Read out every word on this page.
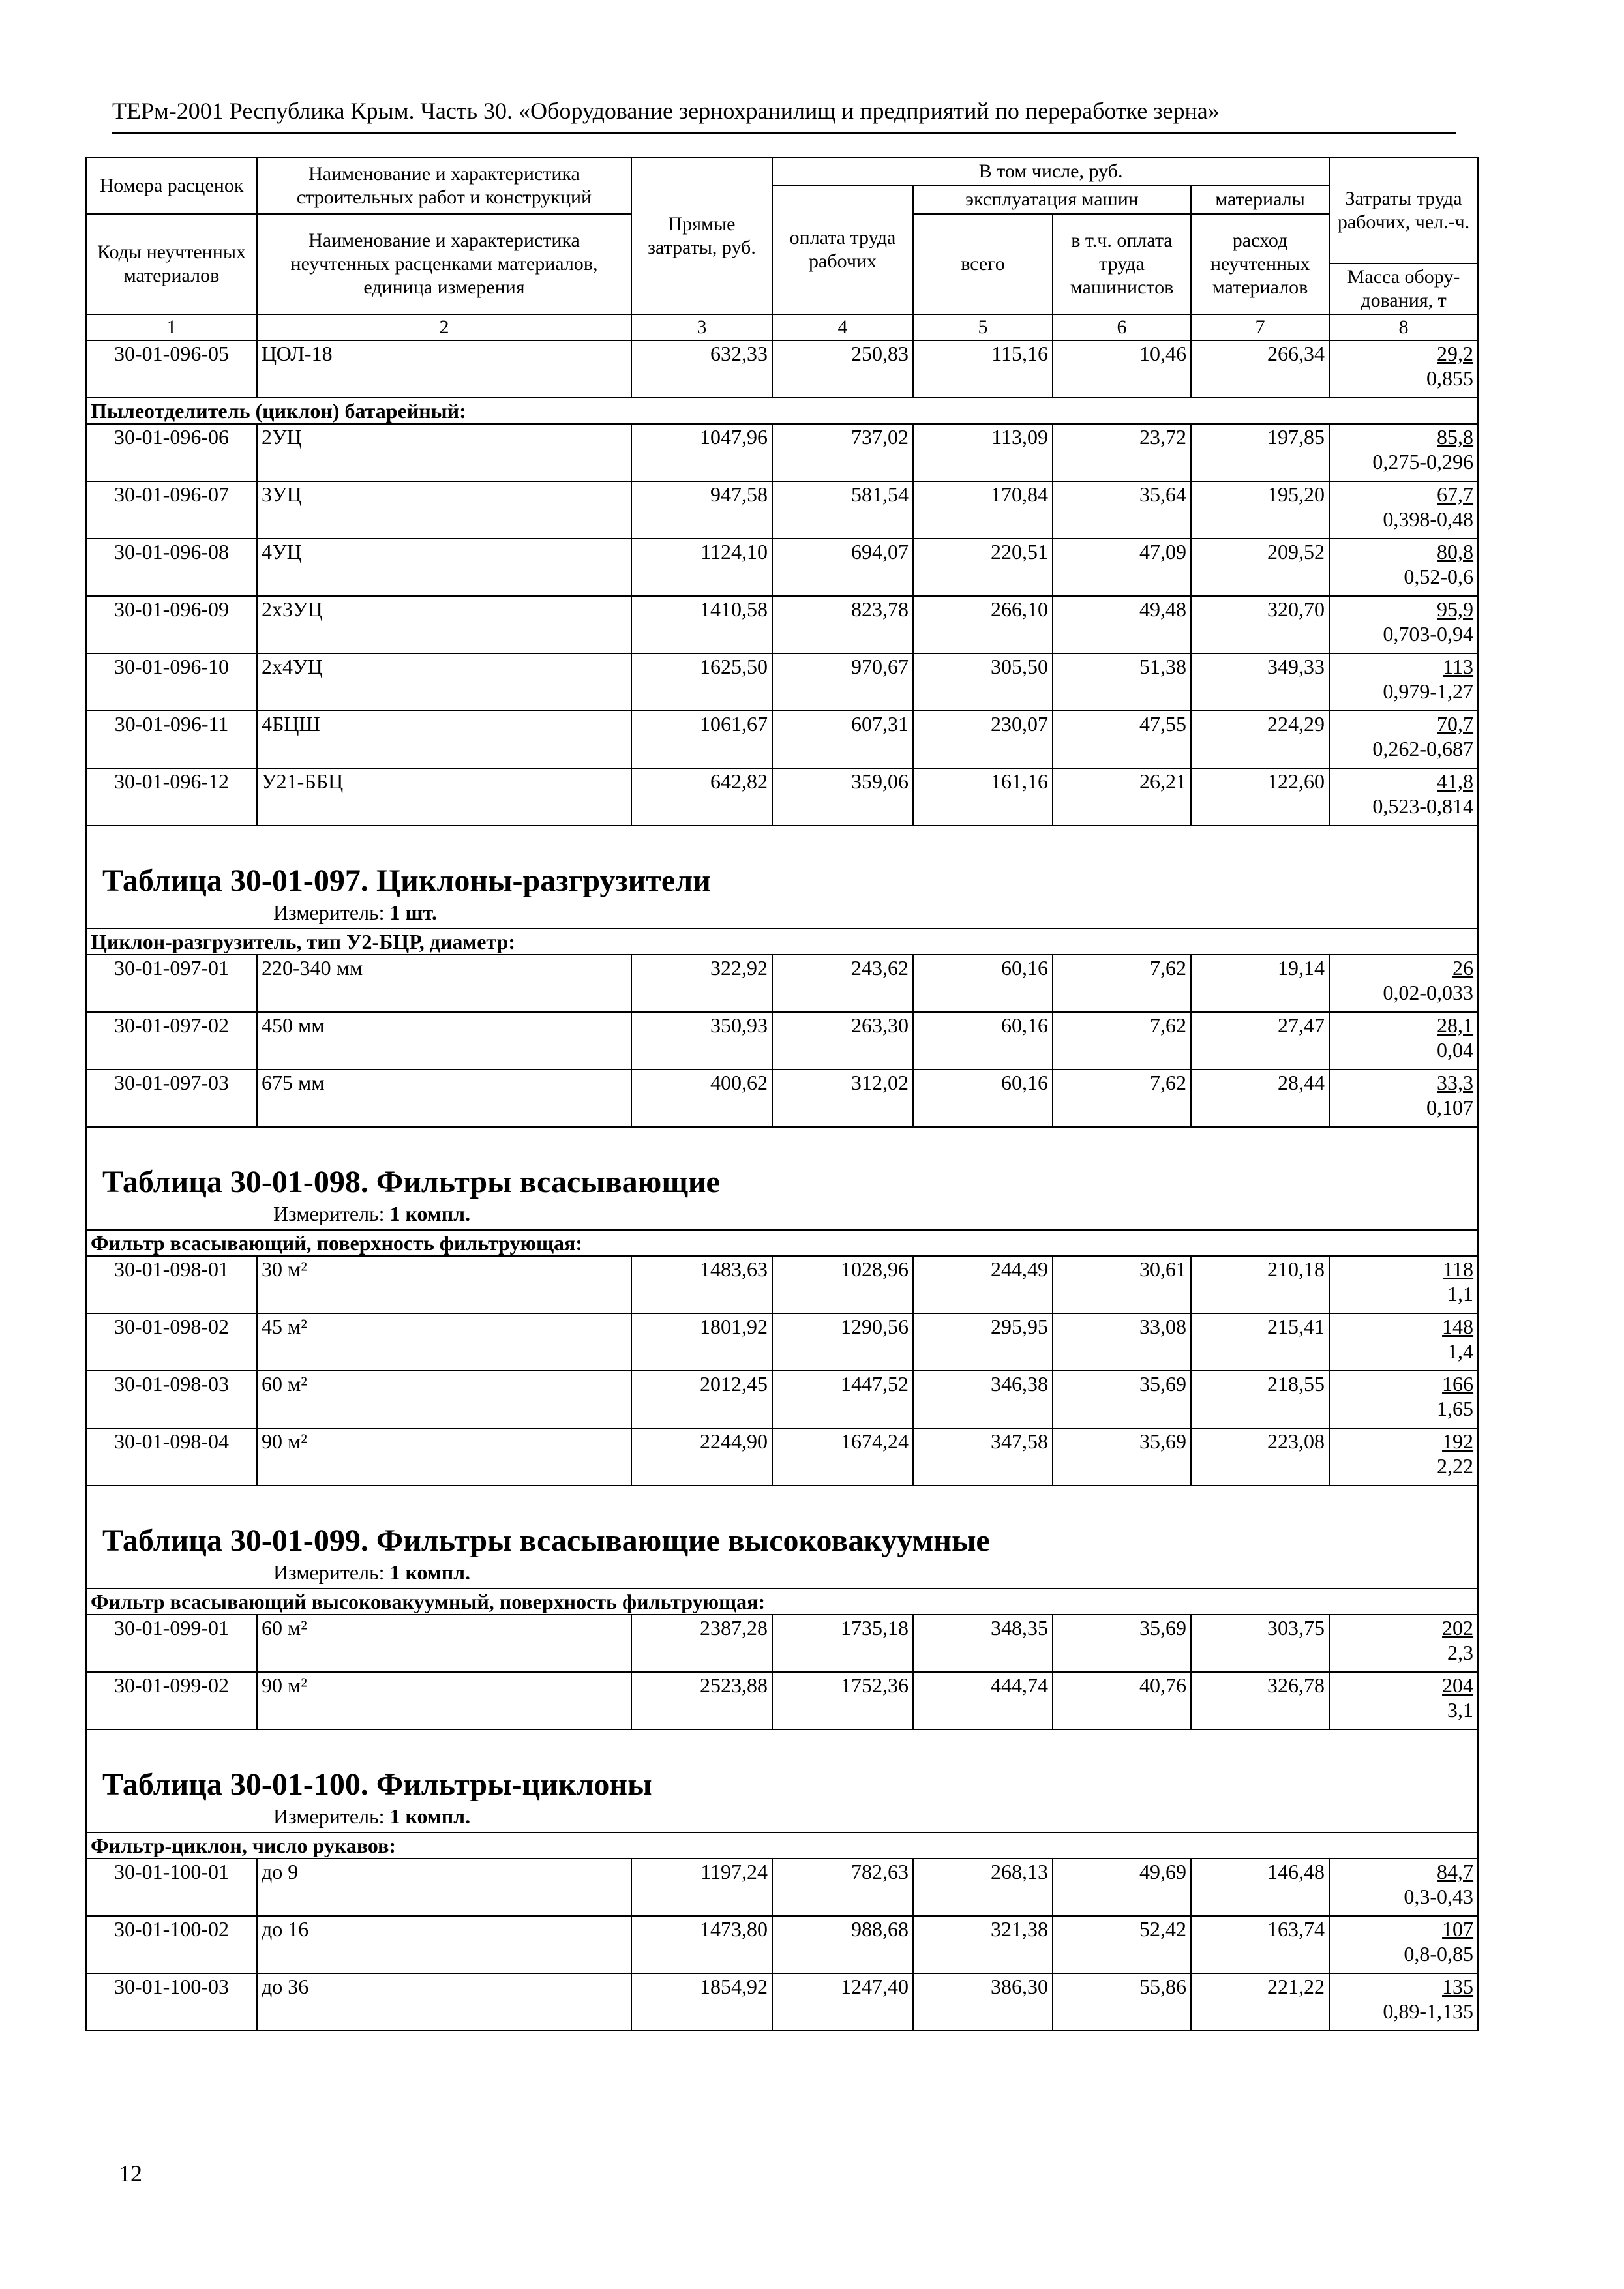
ТЕРм-2001 Республика Крым. Часть 30. «Оборудование зернохранилищ и предприятий по переработке зерна»
Номера расценок	Наименование и характеристика строительных работ и конструкций	Прямые затраты, руб.	В том числе, руб.				Затраты труда рабочих, чел.-ч.
			оплата труда рабочих	эксплуатация машин		материалы	
Коды неучтенных материалов	Наименование и характеристика неучтенных расценками материалов, единица измерения			всего	в т.ч. оплата труда машинистов	расход неучтенных материалов	
							Масса обору-дования, т
1	2	3	4	5	6	7	8
30-01-096-05	ЦОЛ-18	632,33	250,83	115,16	10,46	266,34	29,2
0,855

Пылеотделитель (циклон) батарейный:							
30-01-096-06	2УЦ	1047,96	737,02	113,09	23,72	197,85	85,8
0,275-0,296

30-01-096-07	3УЦ	947,58	581,54	170,84	35,64	195,20	67,7
0,398-0,48

30-01-096-08	4УЦ	1124,10	694,07	220,51	47,09	209,52	80,8
0,52-0,6

30-01-096-09	2х3УЦ	1410,58	823,78	266,10	49,48	320,70	95,9
0,703-0,94

30-01-096-10	2х4УЦ	1625,50	970,67	305,50	51,38	349,33	113
0,979-1,27

30-01-096-11	4БЦШ	1061,67	607,31	230,07	47,55	224,29	70,7
0,262-0,687

30-01-096-12	У21-ББЦ	642,82	359,06	161,16	26,21	122,60	41,8
0,523-0,814

Таблица 30-01-097. Циклоны-разгрузители
Измеритель: 1 шт.							

Циклон-разгрузитель, тип У2-БЦР, диаметр:							
30-01-097-01	220-340 мм	322,92	243,62	60,16	7,62	19,14	26
0,02-0,033

30-01-097-02	450 мм	350,93	263,30	60,16	7,62	27,47	28,1
0,04

30-01-097-03	675 мм	400,62	312,02	60,16	7,62	28,44	33,3
0,107

Таблица 30-01-098. Фильтры всасывающие
Измеритель: 1 компл.							

Фильтр всасывающий, поверхность фильтрующая:							
30-01-098-01	30 м²	1483,63	1028,96	244,49	30,61	210,18	118
1,1

30-01-098-02	45 м²	1801,92	1290,56	295,95	33,08	215,41	148
1,4

30-01-098-03	60 м²	2012,45	1447,52	346,38	35,69	218,55	166
1,65

30-01-098-04	90 м²	2244,90	1674,24	347,58	35,69	223,08	192
2,22

Таблица 30-01-099. Фильтры всасывающие высоковакуумные
Измеритель: 1 компл.							

Фильтр всасывающий высоковакуумный, поверхность фильтрующая:							
30-01-099-01	60 м²	2387,28	1735,18	348,35	35,69	303,75	202
2,3

30-01-099-02	90 м²	2523,88	1752,36	444,74	40,76	326,78	204
3,1

Таблица 30-01-100. Фильтры-циклоны
Измеритель: 1 компл.							

Фильтр-циклон, число рукавов:							
30-01-100-01	до 9	1197,24	782,63	268,13	49,69	146,48	84,7
0,3-0,43

30-01-100-02	до 16	1473,80	988,68	321,38	52,42	163,74	107
0,8-0,85

30-01-100-03	до 36	1854,92	1247,40	386,30	55,86	221,22	135
0,89-1,135
12
